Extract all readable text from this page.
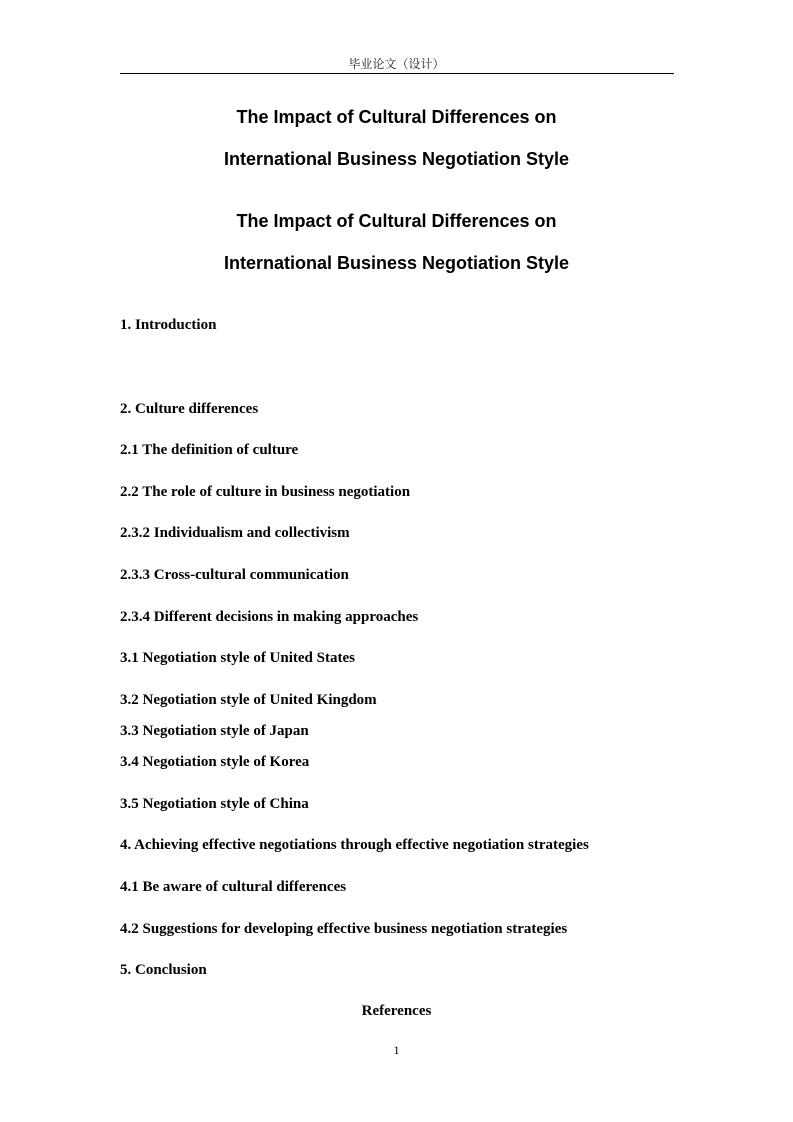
毕业论文（设计）
The Impact of Cultural Differences on
International Business Negotiation Style
The Impact of Cultural Differences on
International Business Negotiation Style
1. Introduction
2. Culture differences
2.1 The definition of culture
2.2 The role of culture in business negotiation
2.3.2 Individualism and collectivism
2.3.3 Cross-cultural communication
2.3.4 Different decisions in making approaches
3.1 Negotiation style of United States
3.2 Negotiation style of United Kingdom
3.3 Negotiation style of Japan
3.4 Negotiation style of Korea
3.5 Negotiation style of China
4. Achieving effective negotiations through effective negotiation strategies
4.1 Be aware of cultural differences
4.2 Suggestions for developing effective business negotiation strategies
5. Conclusion
References
1
